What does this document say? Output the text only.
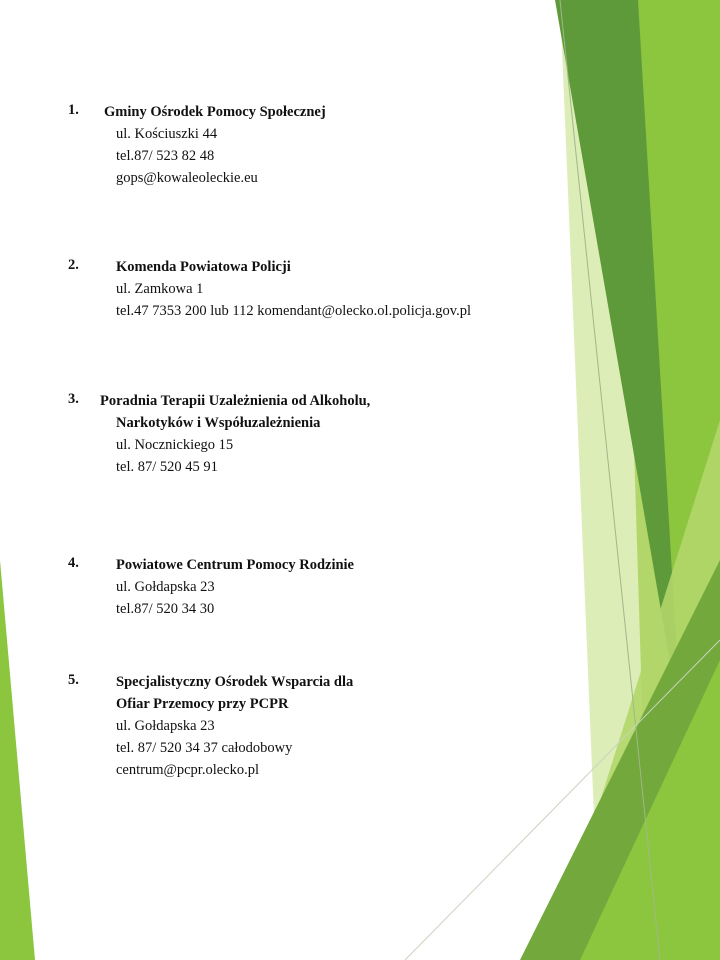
1. Gminy Ośrodek Pomocy Społecznej
ul. Kościuszki 44
tel.87/ 523 82 48
gops@kowaleoleckie.eu
2.	Komenda Powiatowa Policji
ul. Zamkowa 1
tel.47 7353 200 lub 112 komendant@olecko.ol.policja.gov.pl
3. Poradnia Terapii Uzależnienia od Alkoholu,
Narkotyków i Współuzależnienia
ul. Nocznickiego 15
tel. 87/ 520 45 91
4.	Powiatowe Centrum Pomocy Rodzinie
ul. Gołdapska 23
tel.87/ 520 34 30
5.	Specjalistyczny Ośrodek Wsparcia dla
Ofiar Przemocy przy PCPR
ul. Gołdapska 23
tel. 87/ 520 34 37 całodobowy
centrum@pcpr.olecko.pl
